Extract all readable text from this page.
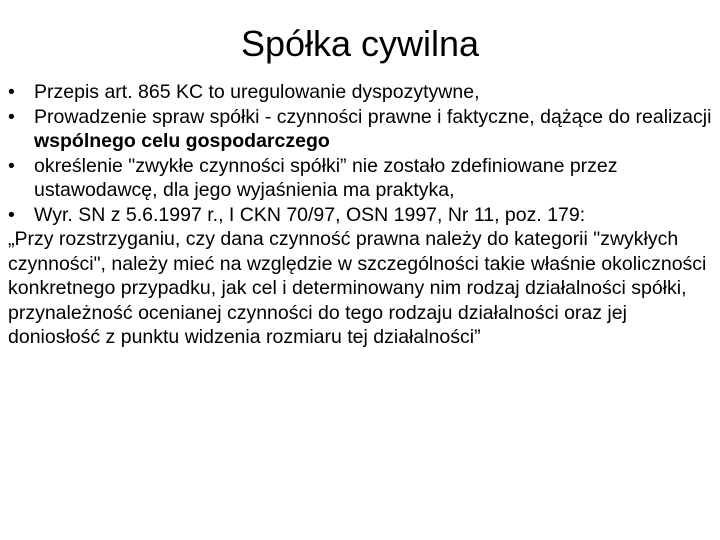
Spółka cywilna
• Przepis art. 865 KC to uregulowanie dyspozytywne,
• Prowadzenie spraw spółki - czynności prawne i faktyczne, dążące do realizacji wspólnego celu gospodarczego
• określenie "zwykłe czynności spółki” nie zostało zdefiniowane przez ustawodawcę, dla jego wyjaśnienia ma praktyka,
• Wyr. SN z 5.6.1997 r., I CKN 70/97, OSN 1997, Nr 11, poz. 179:

„Przy rozstrzyganiu, czy dana czynność prawna należy do kategorii "zwykłych czynności", należy mieć na względzie w szczególności takie właśnie okoliczności konkretnego przypadku, jak cel i determinowany nim rodzaj działalności spółki, przynależność ocenianej czynności do tego rodzaju działalności oraz jej doniosłość z punktu widzenia rozmiaru tej działalności”
